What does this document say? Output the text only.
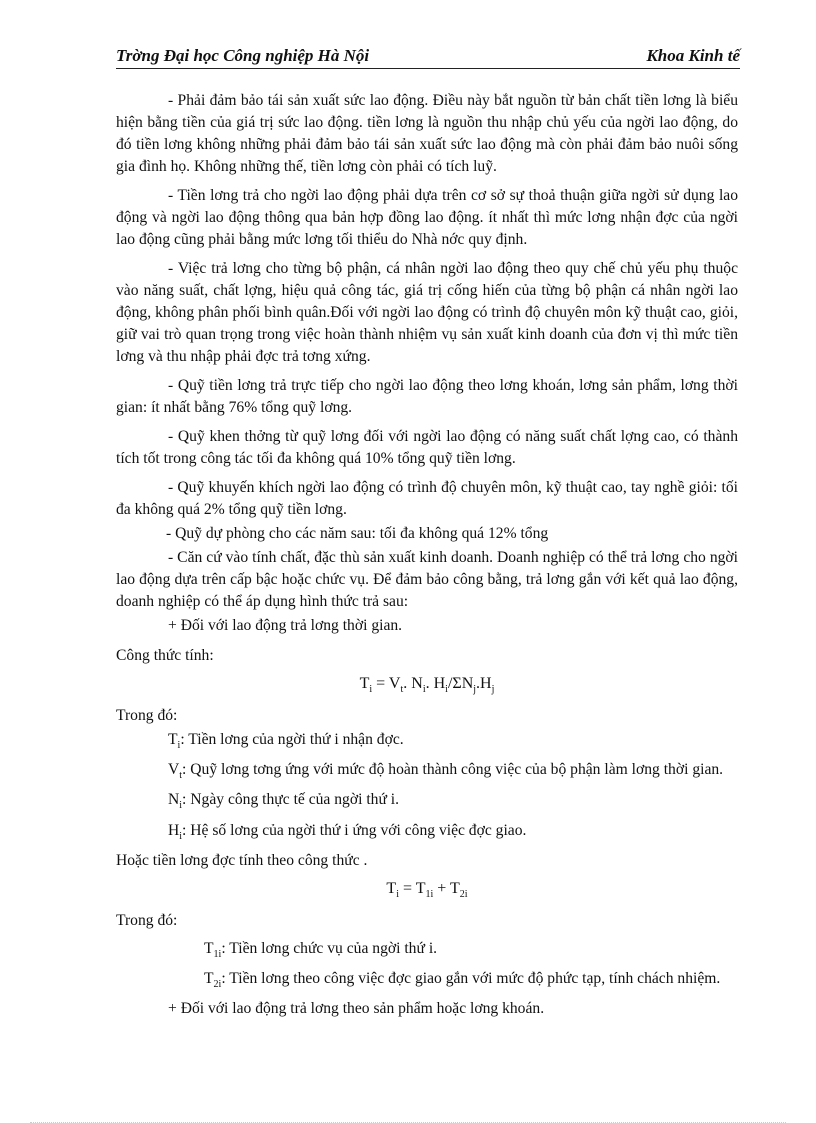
Trờng Đại học Công nghiệp Hà Nội	Khoa Kinh tế

- Phải đảm bảo tái sản xuất sức lao động. Điều này bắt nguồn từ bản chất tiền lơng là biểu hiện bằng tiền của giá trị sức lao động. tiền lơng là nguồn thu nhập chủ yếu của ngời lao động, do đó tiền lơng không những phải đảm bảo tái sản xuất sức lao động mà còn phải đảm bảo nuôi sống gia đình họ. Không những thế, tiền lơng còn phải có tích luỹ.

- Tiền lơng trả cho ngời lao động phải dựa trên cơ sở sự thoả thuận giữa ngời sử dụng lao động và ngời lao động thông qua bản hợp đồng lao động. ít nhất thì mức lơng nhận đợc của ngời lao động cũng phải bằng mức lơng tối thiểu do Nhà nớc quy định.

- Việc trả lơng cho từng bộ phận, cá nhân ngời lao động theo quy chế chủ yếu phụ thuộc vào năng suất, chất lợng, hiệu quả công tác, giá trị cống hiến của từng bộ phận cá nhân ngời lao động, không phân phối bình quân.Đối với ngời lao động có trình độ chuyên môn kỹ thuật cao, giỏi, giữ vai trò quan trọng trong việc hoàn thành nhiệm vụ sản xuất kinh doanh của đơn vị thì mức tiền lơng và thu nhập phải đợc trả tơng xứng.

- Quỹ tiền lơng trả trực tiếp cho ngời lao động theo lơng khoán, lơng sản phẩm, lơng thời gian: ít nhất bằng 76% tổng quỹ lơng.

- Quỹ khen thởng từ quỹ lơng đối với ngời lao động có năng suất chất lợng cao, có thành tích tốt trong công tác tối đa không quá 10% tổng quỹ tiền lơng.

- Quỹ khuyến khích ngời lao động có trình độ chuyên môn, kỹ thuật cao, tay nghề giỏi: tối đa không quá 2% tổng quỹ tiền lơng.

- Quỹ dự phòng cho các năm sau: tối đa không quá 12% tổng

- Căn cứ vào tính chất, đặc thù sản xuất kinh doanh. Doanh nghiệp có thể trả lơng cho ngời lao động dựa trên cấp bậc hoặc chức vụ. Để đảm bảo công bằng, trả lơng gắn với kết quả lao động, doanh nghiệp có thể áp dụng hình thức trả sau:

+ Đối với lao động trả lơng thời gian.

Công thức tính:

$T_i = V_t$. $N_i$. $H_i/\Sigma N_j.H_j$

Trong đó:

$T_i$: Tiền lơng của ngời thứ i nhận đợc.

$V_t$: Quỹ lơng tơng ứng với mức độ hoàn thành công việc của bộ phận làm lơng thời gian.

$N_i$: Ngày công thực tế của ngời thứ i.

$H_i$: Hệ số lơng của ngời thứ i ứng với công việc đợc giao.

Hoặc tiền lơng đợc tính theo công thức .

$T_i = T_{1i} + T_{2i}$

Trong đó:

$T_{1i}$: Tiền lơng chức vụ của ngời thứ i.

$T_{2i}$: Tiền lơng theo công việc đợc giao gắn với mức độ phức tạp, tính chách nhiệm.

+ Đối với lao động trả lơng theo sản phẩm hoặc lơng khoán.
